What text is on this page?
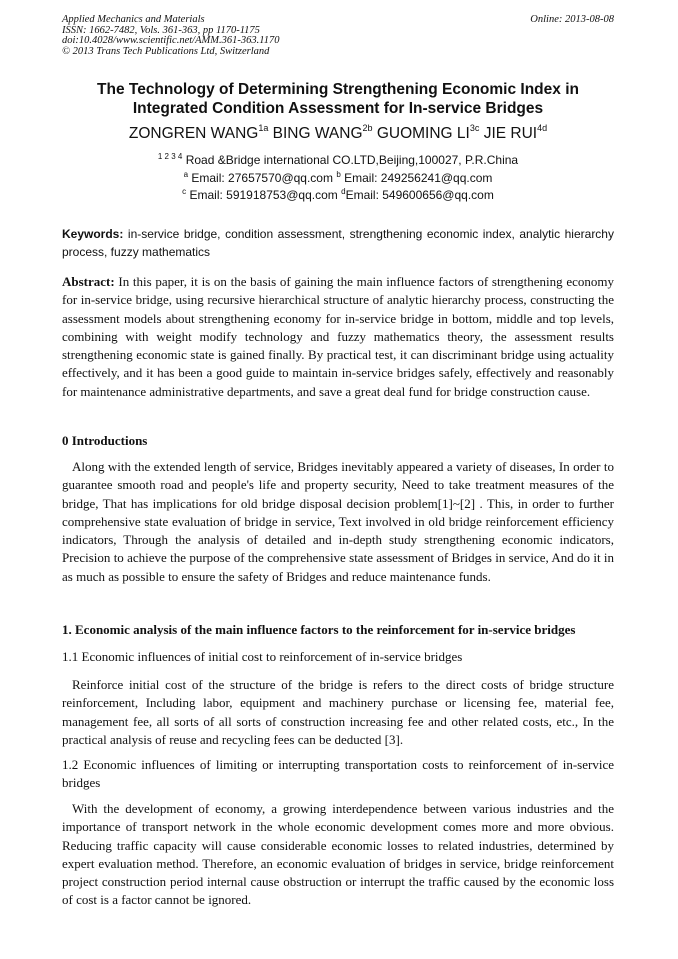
Applied Mechanics and Materials
ISSN: 1662-7482, Vols. 361-363, pp 1170-1175
doi:10.4028/www.scientific.net/AMM.361-363.1170
© 2013 Trans Tech Publications Ltd, Switzerland
Online: 2013-08-08
The Technology of Determining Strengthening Economic Index in
Integrated Condition Assessment for In-service Bridges
ZONGREN $WANG^{1a}$ BING $WANG^{2b}$ GUOMING $LI^{3c}$ JIE $RUI^{4d}$
$^{1 2 3 4}$ Road &Bridge international CO.LTD,Beijing,100027, P.R.China
$^a$ Email: 27657570@qq.com $^b$ Email: 249256241@qq.com
$^c$ Email: 591918753@qq.com $^d$Email: 549600656@qq.com
Keywords: in-service bridge, condition assessment, strengthening economic index, analytic hierarchy process, fuzzy mathematics
Abstract: In this paper, it is on the basis of gaining the main influence factors of strengthening economy for in-service bridge, using recursive hierarchical structure of analytic hierarchy process, constructing the assessment models about strengthening economy for in-service bridge in bottom, middle and top levels, combining with weight modify technology and fuzzy mathematics theory, the assessment results strengthening economic state is gained finally. By practical test, it can discriminant bridge using actuality effectively, and it has been a good guide to maintain in-service bridges safely, effectively and reasonably for maintenance administrative departments, and save a great deal fund for bridge construction cause.
0 Introductions
Along with the extended length of service, Bridges inevitably appeared a variety of diseases, In order to guarantee smooth road and people's life and property security, Need to take treatment measures of the bridge, That has implications for old bridge disposal decision problem[1]~[2] . This, in order to further comprehensive state evaluation of bridge in service, Text involved in old bridge reinforcement efficiency indicators, Through the analysis of detailed and in-depth study strengthening economic indicators, Precision to achieve the purpose of the comprehensive state assessment of Bridges in service, And do it in as much as possible to ensure the safety of Bridges and reduce maintenance funds.
1. Economic analysis of the main influence factors to the reinforcement for in-service bridges
1.1 Economic influences of initial cost to reinforcement of in-service bridges
Reinforce initial cost of the structure of the bridge is refers to the direct costs of bridge structure reinforcement, Including labor, equipment and machinery purchase or licensing fee, material fee, management fee, all sorts of all sorts of construction increasing fee and other related costs, etc., In the practical analysis of reuse and recycling fees can be deducted [3].
1.2 Economic influences of limiting or interrupting transportation costs to reinforcement of in-service bridges
With the development of economy, a growing interdependence between various industries and the importance of transport network in the whole economic development comes more and more obvious. Reducing traffic capacity will cause considerable economic losses to related industries, determined by expert evaluation method. Therefore, an economic evaluation of bridges in service, bridge reinforcement project construction period internal cause obstruction or interrupt the traffic caused by the economic loss of cost is a factor cannot be ignored.
